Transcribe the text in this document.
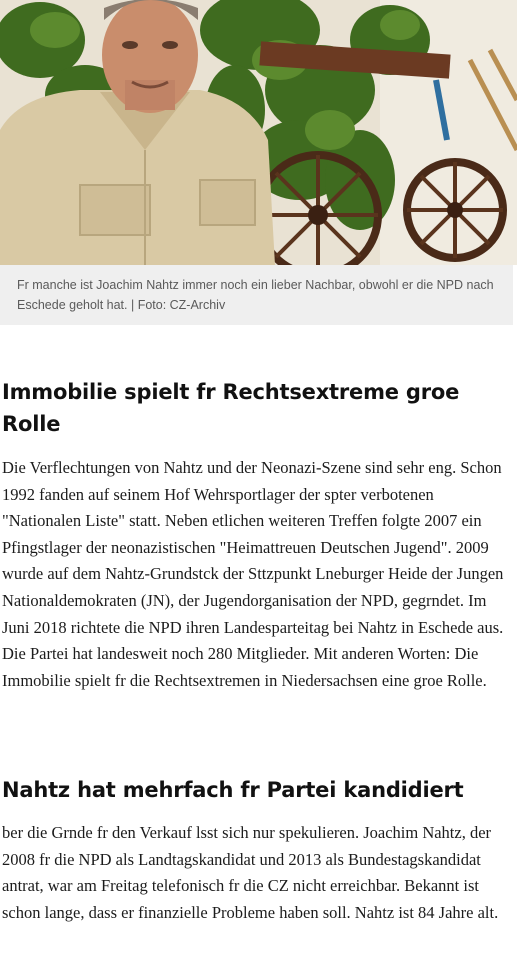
Fr manche ist Joachim Nahtz immer noch ein lieber Nachbar, obwohl er die NPD nach Eschede geholt hat. | Foto: CZ-Archiv
Immobilie spielt fr Rechtsextreme groe Rolle

Die Verflechtungen von Nahtz und der Neonazi-Szene sind sehr eng. Schon 1992 fanden auf seinem Hof Wehrsportlager der spter verbotenen "Nationalen Liste" statt. Neben etlichen weiteren Treffen folgte 2007 ein Pfingstlager der neonazistischen "Heimattreuen Deutschen Jugend". 2009 wurde auf dem Nahtz-Grundstck der Sttzpunkt Lneburger Heide der Jungen Nationaldemokraten (JN), der Jugendorganisation der NPD, gegrndet. Im Juni 2018 richtete die NPD ihren Landesparteitag bei Nahtz in Eschede aus. Die Partei hat landesweit noch 280 Mitglieder. Mit anderen Worten: Die Immobilie spielt fr die Rechtsextremen in Niedersachsen eine groe Rolle.

Nahtz hat mehrfach fr Partei kandidiert

ber die Grnde fr den Verkauf lsst sich nur spekulieren. Joachim Nahtz, der 2008 fr die NPD als Landtagskandidat und 2013 als Bundestagskandidat antrat, war am Freitag telefonisch fr die CZ nicht erreichbar. Bekannt ist schon lange, dass er finanzielle Probleme haben soll. Nahtz ist 84 Jahre alt.
